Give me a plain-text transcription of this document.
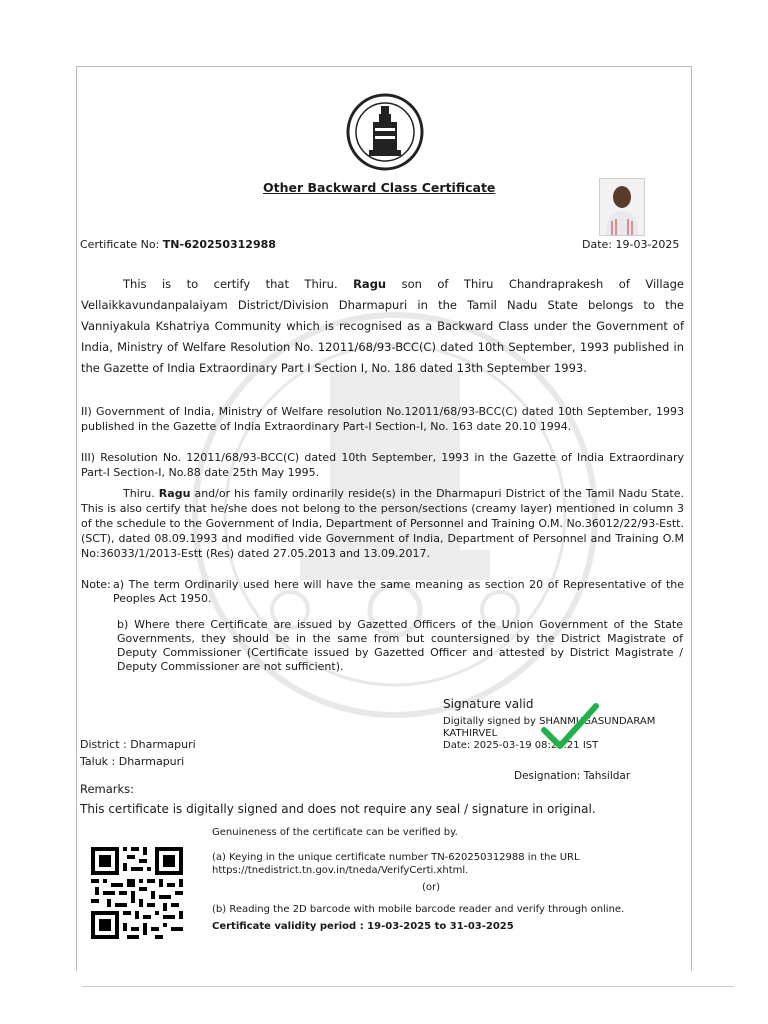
Other Backward Class Certificate
Certificate No: TN-620250312988	Date: 19-03-2025
This is to certify that Thiru. Ragu son of Thiru Chandraprakesh of Village Vellaikkavundanpalaiyam District/Division Dharmapuri in the Tamil Nadu State belongs to the Vanniyakula Kshatriya Community which is recognised as a Backward Class under the Government of India, Ministry of Welfare Resolution No. 12011/68/93-BCC(C) dated 10th September, 1993 published in the Gazette of India Extraordinary Part I Section I, No. 186 dated 13th September 1993.
II) Government of India, Ministry of Welfare resolution No.12011/68/93-BCC(C) dated 10th September, 1993 published in the Gazette of India Extraordinary Part-I Section-I, No. 163 date 20.10 1994.
III) Resolution No. 12011/68/93-BCC(C) dated 10th September, 1993 in the Gazette of India Extraordinary Part-I Section-I, No.88 date 25th May 1995.
Thiru. Ragu and/or his family ordinarily reside(s) in the Dharmapuri District of the Tamil Nadu State. This is also certify that he/she does not belong to the person/sections (creamy layer) mentioned in column 3 of the schedule to the Government of India, Department of Personnel and Training O.M. No.36012/22/93-Estt.(SCT), dated 08.09.1993 and modified vide Government of India, Department of Personnel and Training O.M No:36033/1/2013-Estt (Res) dated 27.05.2013 and 13.09.2017.
Note: a) The term Ordinarily used here will have the same meaning as section 20 of Representative of the Peoples Act 1950.
b) Where there Certificate are issued by Gazetted Officers of the Union Government of the State Governments, they should be in the same from but countersigned by the District Magistrate of Deputy Commissioner (Certificate issued by Gazetted Officer and attested by District Magistrate / Deputy Commissioner are not sufficient).
Signature valid
Digitally signed by SHANMUGASUNDARAM
KATHIRVEL
Date: 2025-03-19 08:26:21 IST
District : Dharmapuri
Taluk : Dharmapuri
Designation: Tahsildar
Remarks:
This certificate is digitally signed and does not require any seal / signature in original.
Genuineness of the certificate can be verified by.
(a) Keying in the unique certificate number TN-620250312988 in the URL https://tnedistrict.tn.gov.in/tneda/VerifyCerti.xhtml.
(or)
(b) Reading the 2D barcode with mobile barcode reader and verify through online.
Certificate validity period : 19-03-2025 to 31-03-2025
